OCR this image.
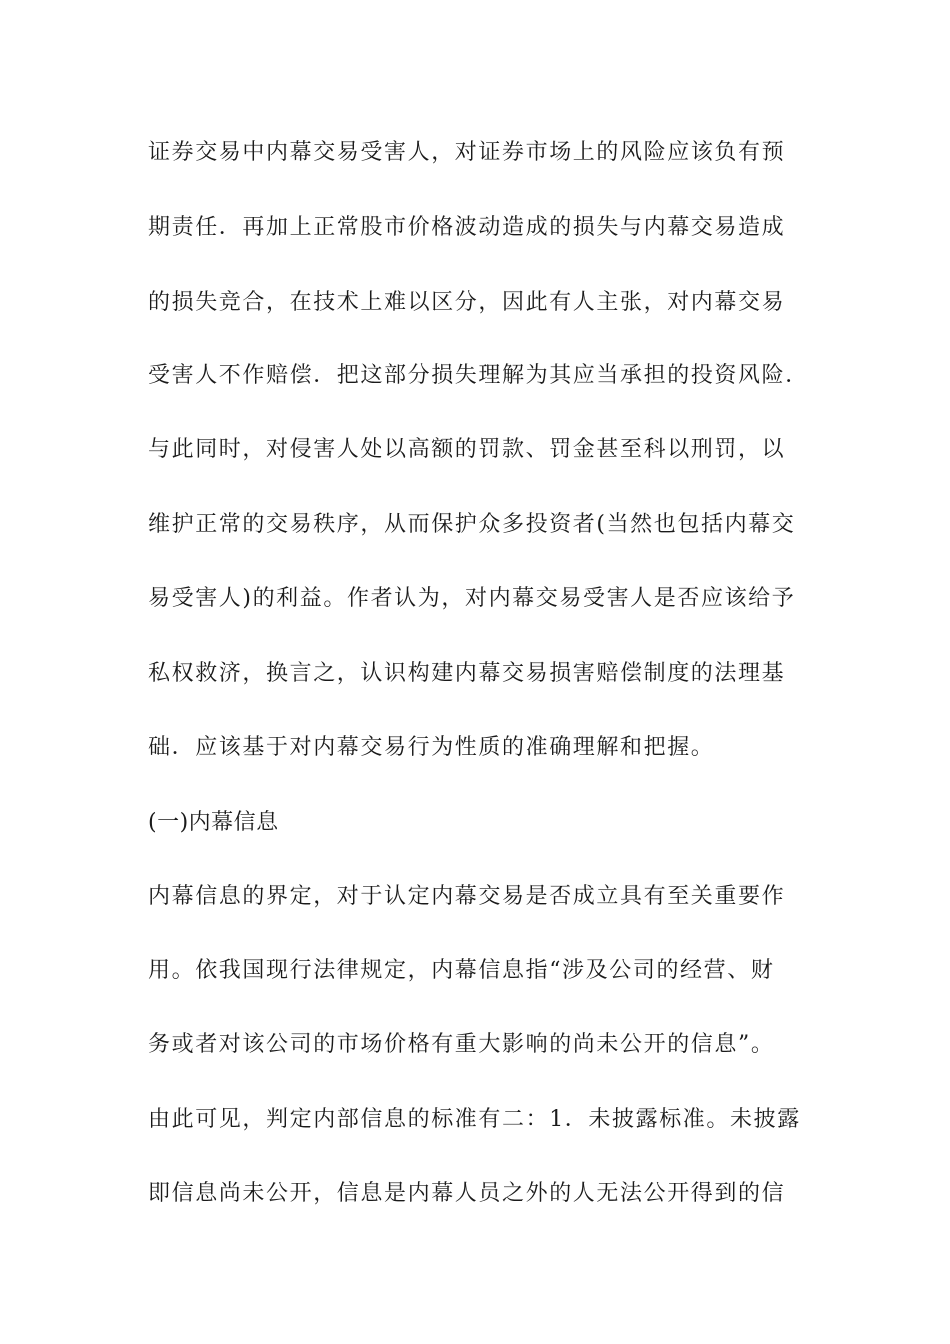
证券交易中内幕交易受害人，对证券市场上的风险应该负有预
期责任．再加上正常股市价格波动造成的损失与内幕交易造成
的损失竞合，在技术上难以区分，因此有人主张，对内幕交易
受害人不作赔偿．把这部分损失理解为其应当承担的投资风险．
与此同时，对侵害人处以高额的罚款、罚金甚至科以刑罚，以
维护正常的交易秩序，从而保护众多投资者(当然也包括内幕交
易受害人)的利益。作者认为，对内幕交易受害人是否应该给予
私权救济，换言之，认识构建内幕交易损害赔偿制度的法理基
础．应该基于对内幕交易行为性质的准确理解和把握。
(一)内幕信息
内幕信息的界定，对于认定内幕交易是否成立具有至关重要作
用。依我国现行法律规定，内幕信息指“涉及公司的经营、财
务或者对该公司的市场价格有重大影响的尚未公开的信息”。
由此可见，判定内部信息的标准有二：1．未披露标准。未披露
即信息尚未公开，信息是内幕人员之外的人无法公开得到的信
